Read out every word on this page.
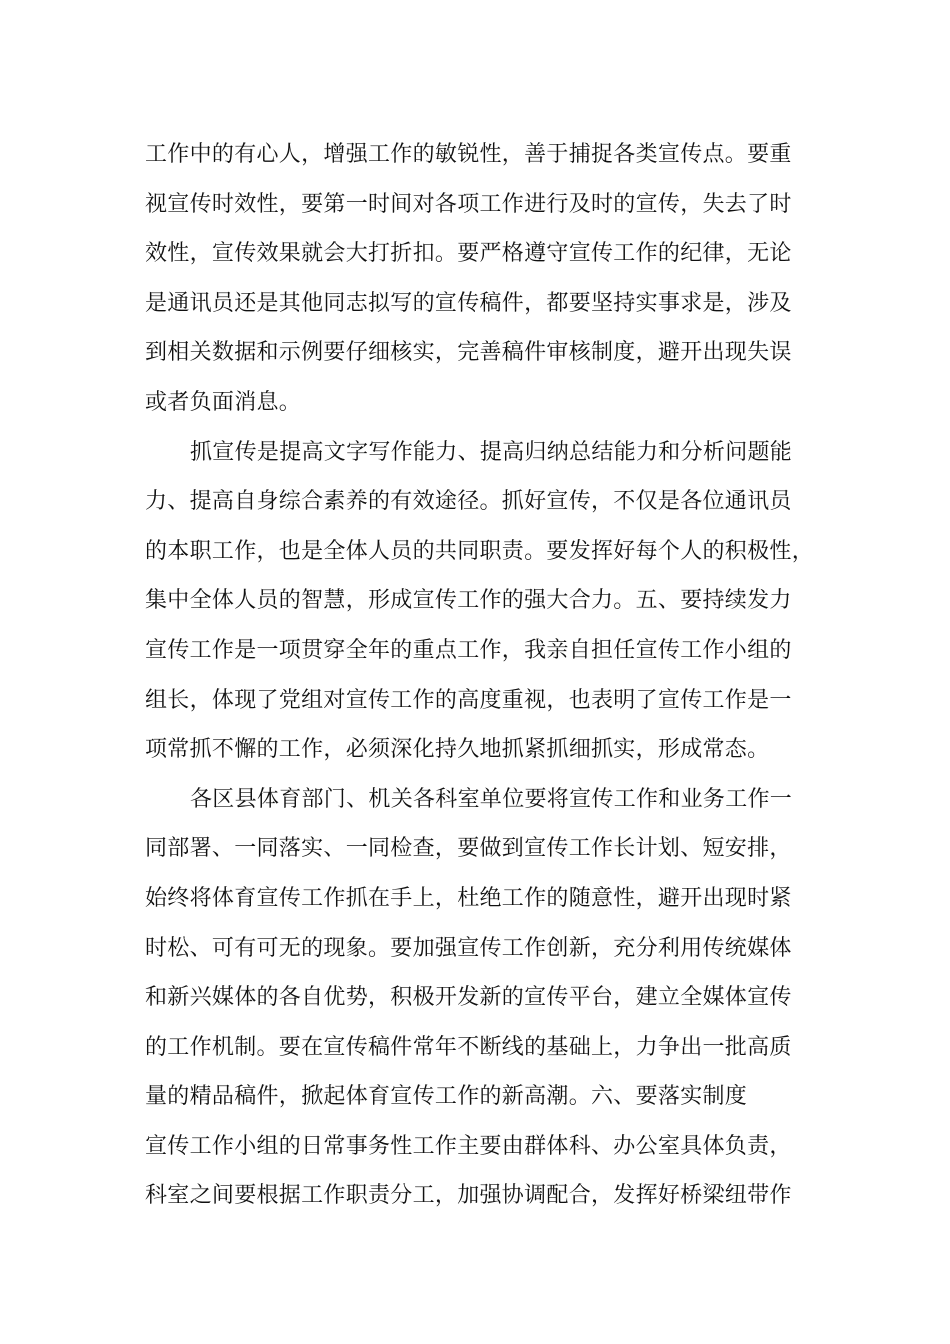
工作中的有心人，增强工作的敏锐性，善于捕捉各类宣传点。要重
视宣传时效性，要第一时间对各项工作进行及时的宣传，失去了时
效性，宣传效果就会大打折扣。要严格遵守宣传工作的纪律，无论
是通讯员还是其他同志拟写的宣传稿件，都要坚持实事求是，涉及
到相关数据和示例要仔细核实，完善稿件审核制度，避开出现失误
或者负面消息。
抓宣传是提高文字写作能力、提高归纳总结能力和分析问题能
力、提高自身综合素养的有效途径。抓好宣传，不仅是各位通讯员
的本职工作，也是全体人员的共同职责。要发挥好每个人的积极性，
集中全体人员的智慧，形成宣传工作的强大合力。五、要持续发力
宣传工作是一项贯穿全年的重点工作，我亲自担任宣传工作小组的
组长，体现了党组对宣传工作的高度重视，也表明了宣传工作是一
项常抓不懈的工作，必须深化持久地抓紧抓细抓实，形成常态。
各区县体育部门、机关各科室单位要将宣传工作和业务工作一
同部署、一同落实、一同检查，要做到宣传工作长计划、短安排，
始终将体育宣传工作抓在手上，杜绝工作的随意性，避开出现时紧
时松、可有可无的现象。要加强宣传工作创新，充分利用传统媒体
和新兴媒体的各自优势，积极开发新的宣传平台，建立全媒体宣传
的工作机制。要在宣传稿件常年不断线的基础上，力争出一批高质
量的精品稿件，掀起体育宣传工作的新高潮。六、要落实制度
宣传工作小组的日常事务性工作主要由群体科、办公室具体负责，
科室之间要根据工作职责分工，加强协调配合，发挥好桥梁纽带作
